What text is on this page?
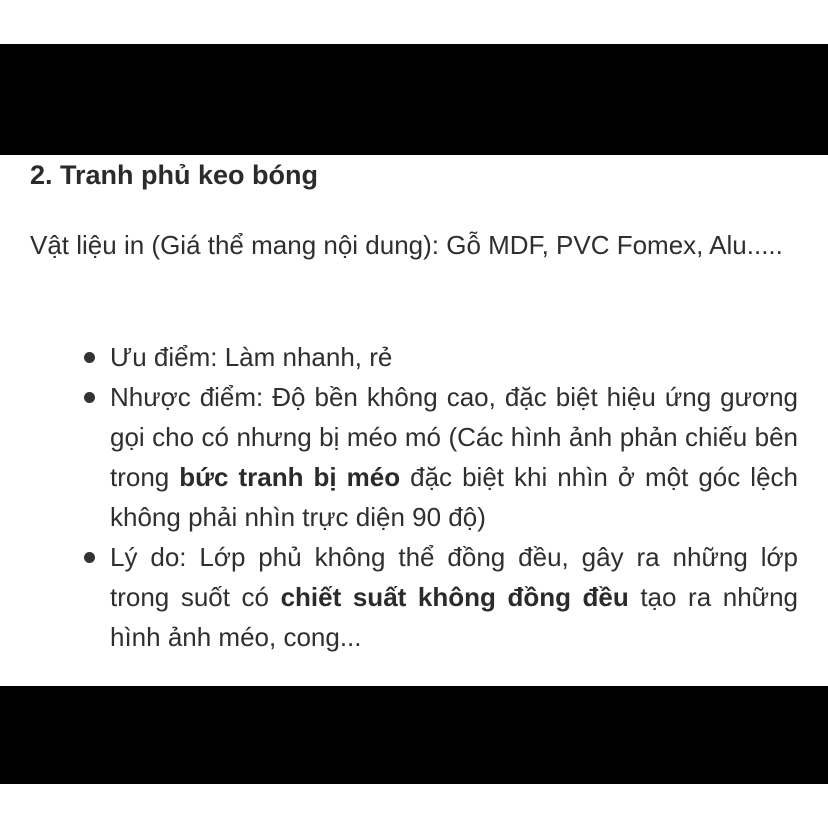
2. Tranh phủ keo bóng

Vật liệu in (Giá thể mang nội dung): Gỗ MDF, PVC Fomex, Alu.....

Ưu điểm: Làm nhanh, rẻ
Nhược điểm: Độ bền không cao, đặc biệt hiệu ứng gương gọi cho có nhưng bị méo mó (Các hình ảnh phản chiếu bên trong bức tranh bị méo đặc biệt khi nhìn ở một góc lệch không phải nhìn trực diện 90 độ)
Lý do: Lớp phủ không thể đồng đều, gây ra những lớp trong suốt có chiết suất không đồng đều tạo ra những hình ảnh méo, cong...
